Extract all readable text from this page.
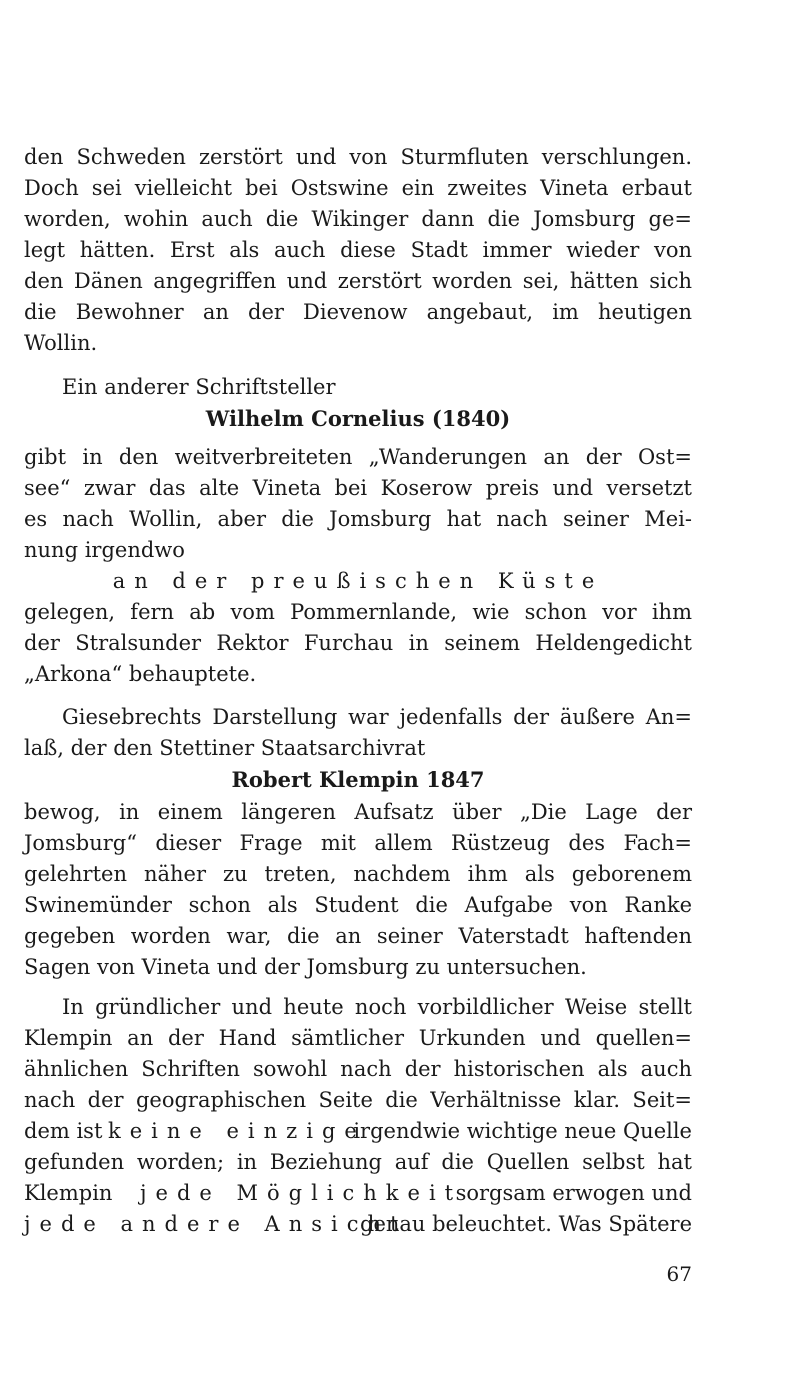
den Schweden zerstört und von Sturmfluten verschlungen.
Doch sei vielleicht bei Ostswine ein zweites Vineta erbaut
worden, wohin auch die Wikinger dann die Jomsburg ge=
legt hätten. Erst als auch diese Stadt immer wieder von
den Dänen angegriffen und zerstört worden sei, hätten sich
die Bewohner an der Dievenow angebaut, im heutigen
Wollin.
Ein anderer Schriftsteller
Wilhelm Cornelius (1840)
gibt in den weitverbreiteten „Wanderungen an der Ost=
see“ zwar das alte Vineta bei Koserow preis und versetzt
es nach Wollin, aber die Jomsburg hat nach seiner Mei-
nung irgendwo
an der preußischen Küste
gelegen, fern ab vom Pommernlande, wie schon vor ihm
der Stralsunder Rektor Furchau in seinem Heldengedicht
„Arkona“ behauptete.
Giesebrechts Darstellung war jedenfalls der äußere An=
laß, der den Stettiner Staatsarchivrat
Robert Klempin 1847
bewog, in einem längeren Aufsatz über „Die Lage der
Jomsburg“ dieser Frage mit allem Rüstzeug des Fach=
gelehrten näher zu treten, nachdem ihm als geborenem
Swinemünder schon als Student die Aufgabe von Ranke
gegeben worden war, die an seiner Vaterstadt haftenden
Sagen von Vineta und der Jomsburg zu untersuchen.
In gründlicher und heute noch vorbildlicher Weise stellt
Klempin an der Hand sämtlicher Urkunden und quellen=
ähnlichen Schriften sowohl nach der historischen als auch
nach der geographischen Seite die Verhältnisse klar. Seit=
dem ist keine einzige
irgendwie wichtige neue Quelle
gefunden worden; in Beziehung auf die Quellen selbst hat
Klempin	jede Möglichkeit
sorgsam erwogen und
jede andere Ansicht
genau beleuchtet. Was Spätere
67
